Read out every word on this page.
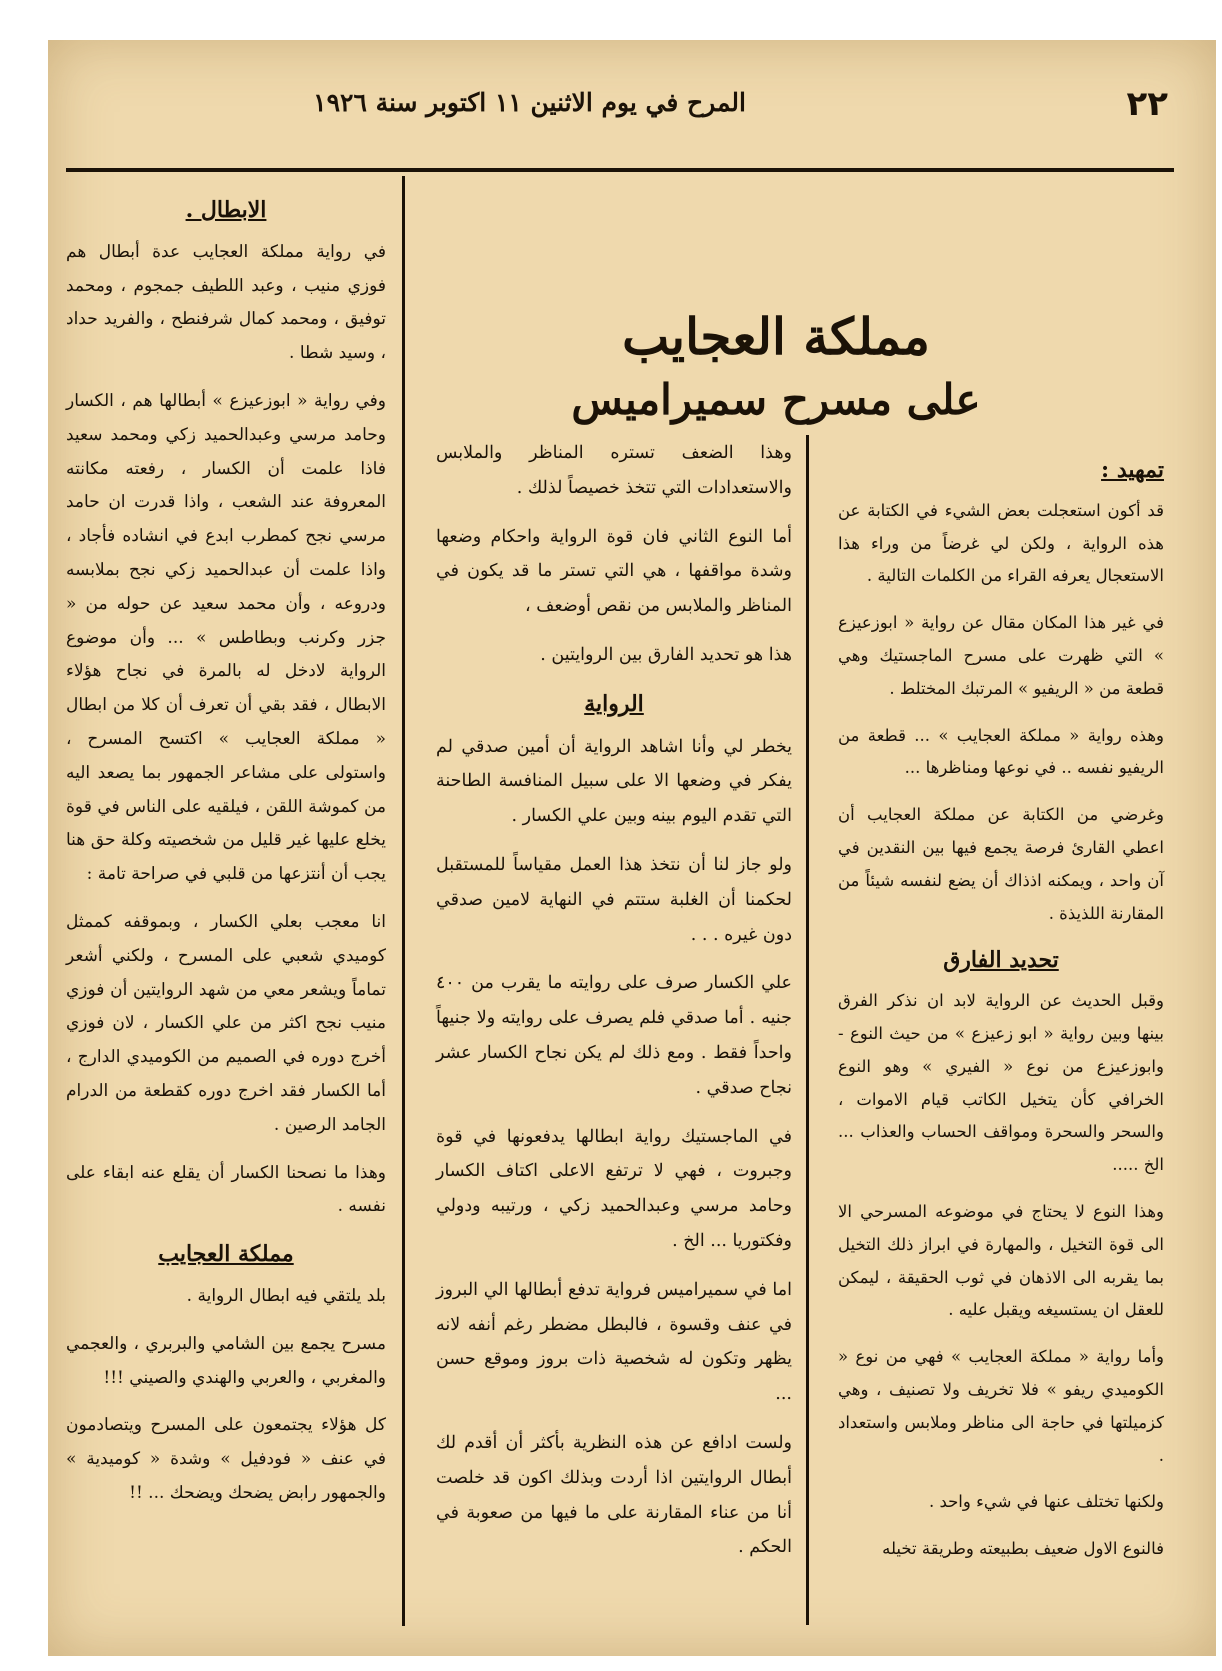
٢٢
المرح في يوم الاثنين ١١ اكتوبر سنة ١٩٢٦
مملكة العجايب
على مسرح سميراميس
تمهيد :

قد أكون استعجلت بعض الشيء في الكتابة عن هذه الرواية ، ولكن لي غرضاً من وراء هذا الاستعجال يعرفه القراء من الكلمات التالية .

في غير هذا المكان مقال عن رواية « ابوزعيزع » التي ظهرت على مسرح الماجستيك وهي قطعة من « الريفيو » المرتبك المختلط .

وهذه رواية « مملكة العجايب » ... قطعة من الريفيو نفسه .. في نوعها ومناظرها ...

وغرضي من الكتابة عن مملكة العجايب أن اعطي القارئ فرصة يجمع فيها بين النقدين في آن واحد ، ويمكنه اذذاك أن يضع لنفسه شيئاً من المقارنة اللذيذة .

تحديد الفارق

وقبل الحديث عن الرواية لابد ان نذكر الفرق بينها وبين رواية « ابو زعيزع » من حيث النوع - وابوزعيزع من نوع « الفيري » وهو النوع الخرافي كأن يتخيل الكاتب قيام الاموات ، والسحر والسحرة ومواقف الحساب والعذاب ... الخ .....

وهذا النوع لا يحتاج في موضوعه المسرحي الا الى قوة التخيل ، والمهارة في ابراز ذلك التخيل بما يقربه الى الاذهان في ثوب الحقيقة ، ليمكن للعقل ان يستسيغه ويقبل عليه .

وأما رواية « مملكة العجايب » فهي من نوع « الكوميدي ريفو » فلا تخريف ولا تصنيف ، وهي كزميلتها في حاجة الى مناظر وملابس واستعداد .

ولكنها تختلف عنها في شيء واحد .

فالنوع الاول ضعيف بطبيعته وطريقة تخيله

وهذا الضعف تستره المناظر والملابس والاستعدادات التي تتخذ خصيصاً لذلك .

أما النوع الثاني فان قوة الرواية واحكام وضعها وشدة مواقفها ، هي التي تستر ما قد يكون في المناظر والملابس من نقص أوضعف ،

هذا هو تحديد الفارق بين الروايتين .

الرواية

يخطر لي وأنا اشاهد الرواية أن أمين صدقي لم يفكر في وضعها الا على سبيل المنافسة الطاحنة التي تقدم اليوم بينه وبين علي الكسار .

ولو جاز لنا أن نتخذ هذا العمل مقياساً للمستقبل لحكمنا أن الغلبة ستتم في النهاية لامين صدقي دون غيره . . .

علي الكسار صرف على روايته ما يقرب من ٤٠٠ جنيه . أما صدقي فلم يصرف على روايته ولا جنيهاً واحداً فقط . ومع ذلك لم يكن نجاح الكسار عشر نجاح صدقي .

في الماجستيك رواية ابطالها يدفعونها في قوة وجبروت ، فهي لا ترتفع الاعلى اكتاف الكسار وحامد مرسي وعبدالحميد زكي ، ورتيبه ودولي وفكتوريا ... الخ .

اما في سميراميس فرواية تدفع أبطالها الي البروز في عنف وقسوة ، فالبطل مضطر رغم أنفه لانه يظهر وتكون له شخصية ذات بروز وموقع حسن ...

ولست ادافع عن هذه النظرية بأكثر أن أقدم لك أبطال الروايتين اذا أردت وبذلك اكون قد خلصت أنا من عناء المقارنة على ما فيها من صعوبة في الحكم .

الابطال .

في رواية مملكة العجايب عدة أبطال هم فوزي منيب ، وعبد اللطيف جمجوم ، ومحمد توفيق ، ومحمد كمال شرفنطح ، والفريد حداد ، وسيد شطا .

وفي رواية « ابوزعيزع » أبطالها هم ، الكسار وحامد مرسي وعبدالحميد زكي ومحمد سعيد فاذا علمت أن الكسار ، رفعته مكانته المعروفة عند الشعب ، واذا قدرت ان حامد مرسي نجح كمطرب ابدع في انشاده فأجاد ، واذا علمت أن عبدالحميد زكي نجح بملابسه ودروعه ، وأن محمد سعيد عن حوله من « جزر وكرنب وبطاطس » ... وأن موضوع الرواية لادخل له بالمرة في نجاح هؤلاء الابطال ، فقد بقي أن تعرف أن كلا من ابطال « مملكة العجايب » اكتسح المسرح ، واستولى على مشاعر الجمهور بما يصعد اليه من كموشة اللقن ، فيلقيه على الناس في قوة يخلع عليها غير قليل من شخصيته وكلة حق هنا يجب أن أنتزعها من قلبي في صراحة تامة :

انا معجب بعلي الكسار ، وبموقفه كممثل كوميدي شعبي على المسرح ، ولكني أشعر تماماً ويشعر معي من شهد الروايتين أن فوزي منيب نجح اكثر من علي الكسار ، لان فوزي أخرج دوره في الصميم من الكوميدي الدارج ، أما الكسار فقد اخرج دوره كقطعة من الدرام الجامد الرصين .

وهذا ما نصحنا الكسار أن يقلع عنه ابقاء على نفسه .

مملكة العجايب

بلد يلتقي فيه ابطال الرواية .

مسرح يجمع بين الشامي والبربري ، والعجمي والمغربي ، والعربي والهندي والصيني !!!

كل هؤلاء يجتمعون على المسرح ويتصادمون في عنف « فودفيل » وشدة « كوميدية » والجمهور رابض يضحك ويضحك ... !!
